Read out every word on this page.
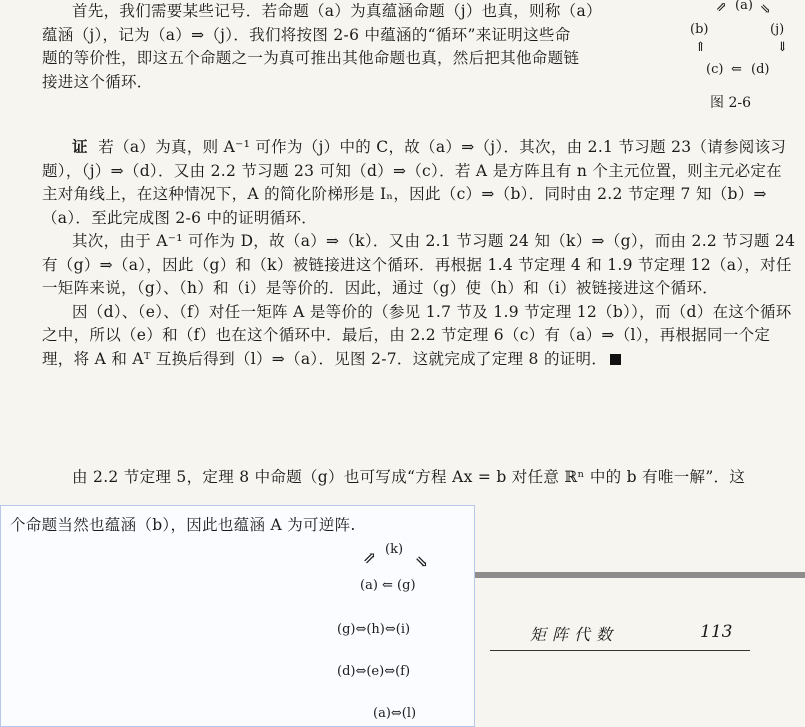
首先，我们需要某些记号．若命题（a）为真蕴涵命题（j）也真，则称（a）
蕴涵（j），记为（a）⇒（j）．我们将按图 2-6 中蕴涵的“循环”来证明这些命
题的等价性，即这五个命题之一为真可推出其他命题也真，然后把其他命题链
接进这个循环．
⇗ (a) ⇘
(b)	(j)
⇑	⇓
(c) ⇐ (d)
图 2-6

证 若（a）为真，则 A⁻¹ 可作为（j）中的 C，故（a）⇒（j）．其次，由 2.1 节习题 23（请参阅该习题），（j）⇒（d）．又由 2.2 节习题 23 可知（d）⇒（c）．若 A 是方阵且有 n 个主元位置，则主元必定在主对角线上，在这种情况下，A 的简化阶梯形是 Iₙ，因此（c）⇒（b）．同时由 2.2 节定理 7 知（b）⇒（a）．至此完成图 2-6 中的证明循环．

其次，由于 A⁻¹ 可作为 D，故（a）⇒（k）．又由 2.1 节习题 24 知（k）⇒（g），而由 2.2 节习题 24 有（g）⇒（a），因此（g）和（k）被链接进这个循环．再根据 1.4 节定理 4 和 1.9 节定理 12（a），对任一矩阵来说，（g）、（h）和（i）是等价的．因此，通过（g）使（h）和（i）被链接进这个循环．

因（d）、（e）、（f）对任一矩阵 A 是等价的（参见 1.7 节及 1.9 节定理 12（b）），而（d）在这个循环之中，所以（e）和（f）也在这个循环中．最后，由 2.2 节定理 6（c）有（a）⇒（l），再根据同一个定理，将 A 和 Aᵀ 互换后得到（l）⇒（a）．见图 2-7．这就完成了定理 8 的证明．

由 2.2 节定理 5，定理 8 中命题（g）也可写成“方程 Ax = b 对任意 ℝⁿ 中的 b 有唯一解”．这

矩阵代数	113
个命题当然也蕴涵（b），因此也蕴涵 A 为可逆阵.
⇗ (k)
⇘
(a) ⇐ (g)
(g)⇔(h)⇔(i)
(d)⇔(e)⇔(f)
(a)⇔(l)
